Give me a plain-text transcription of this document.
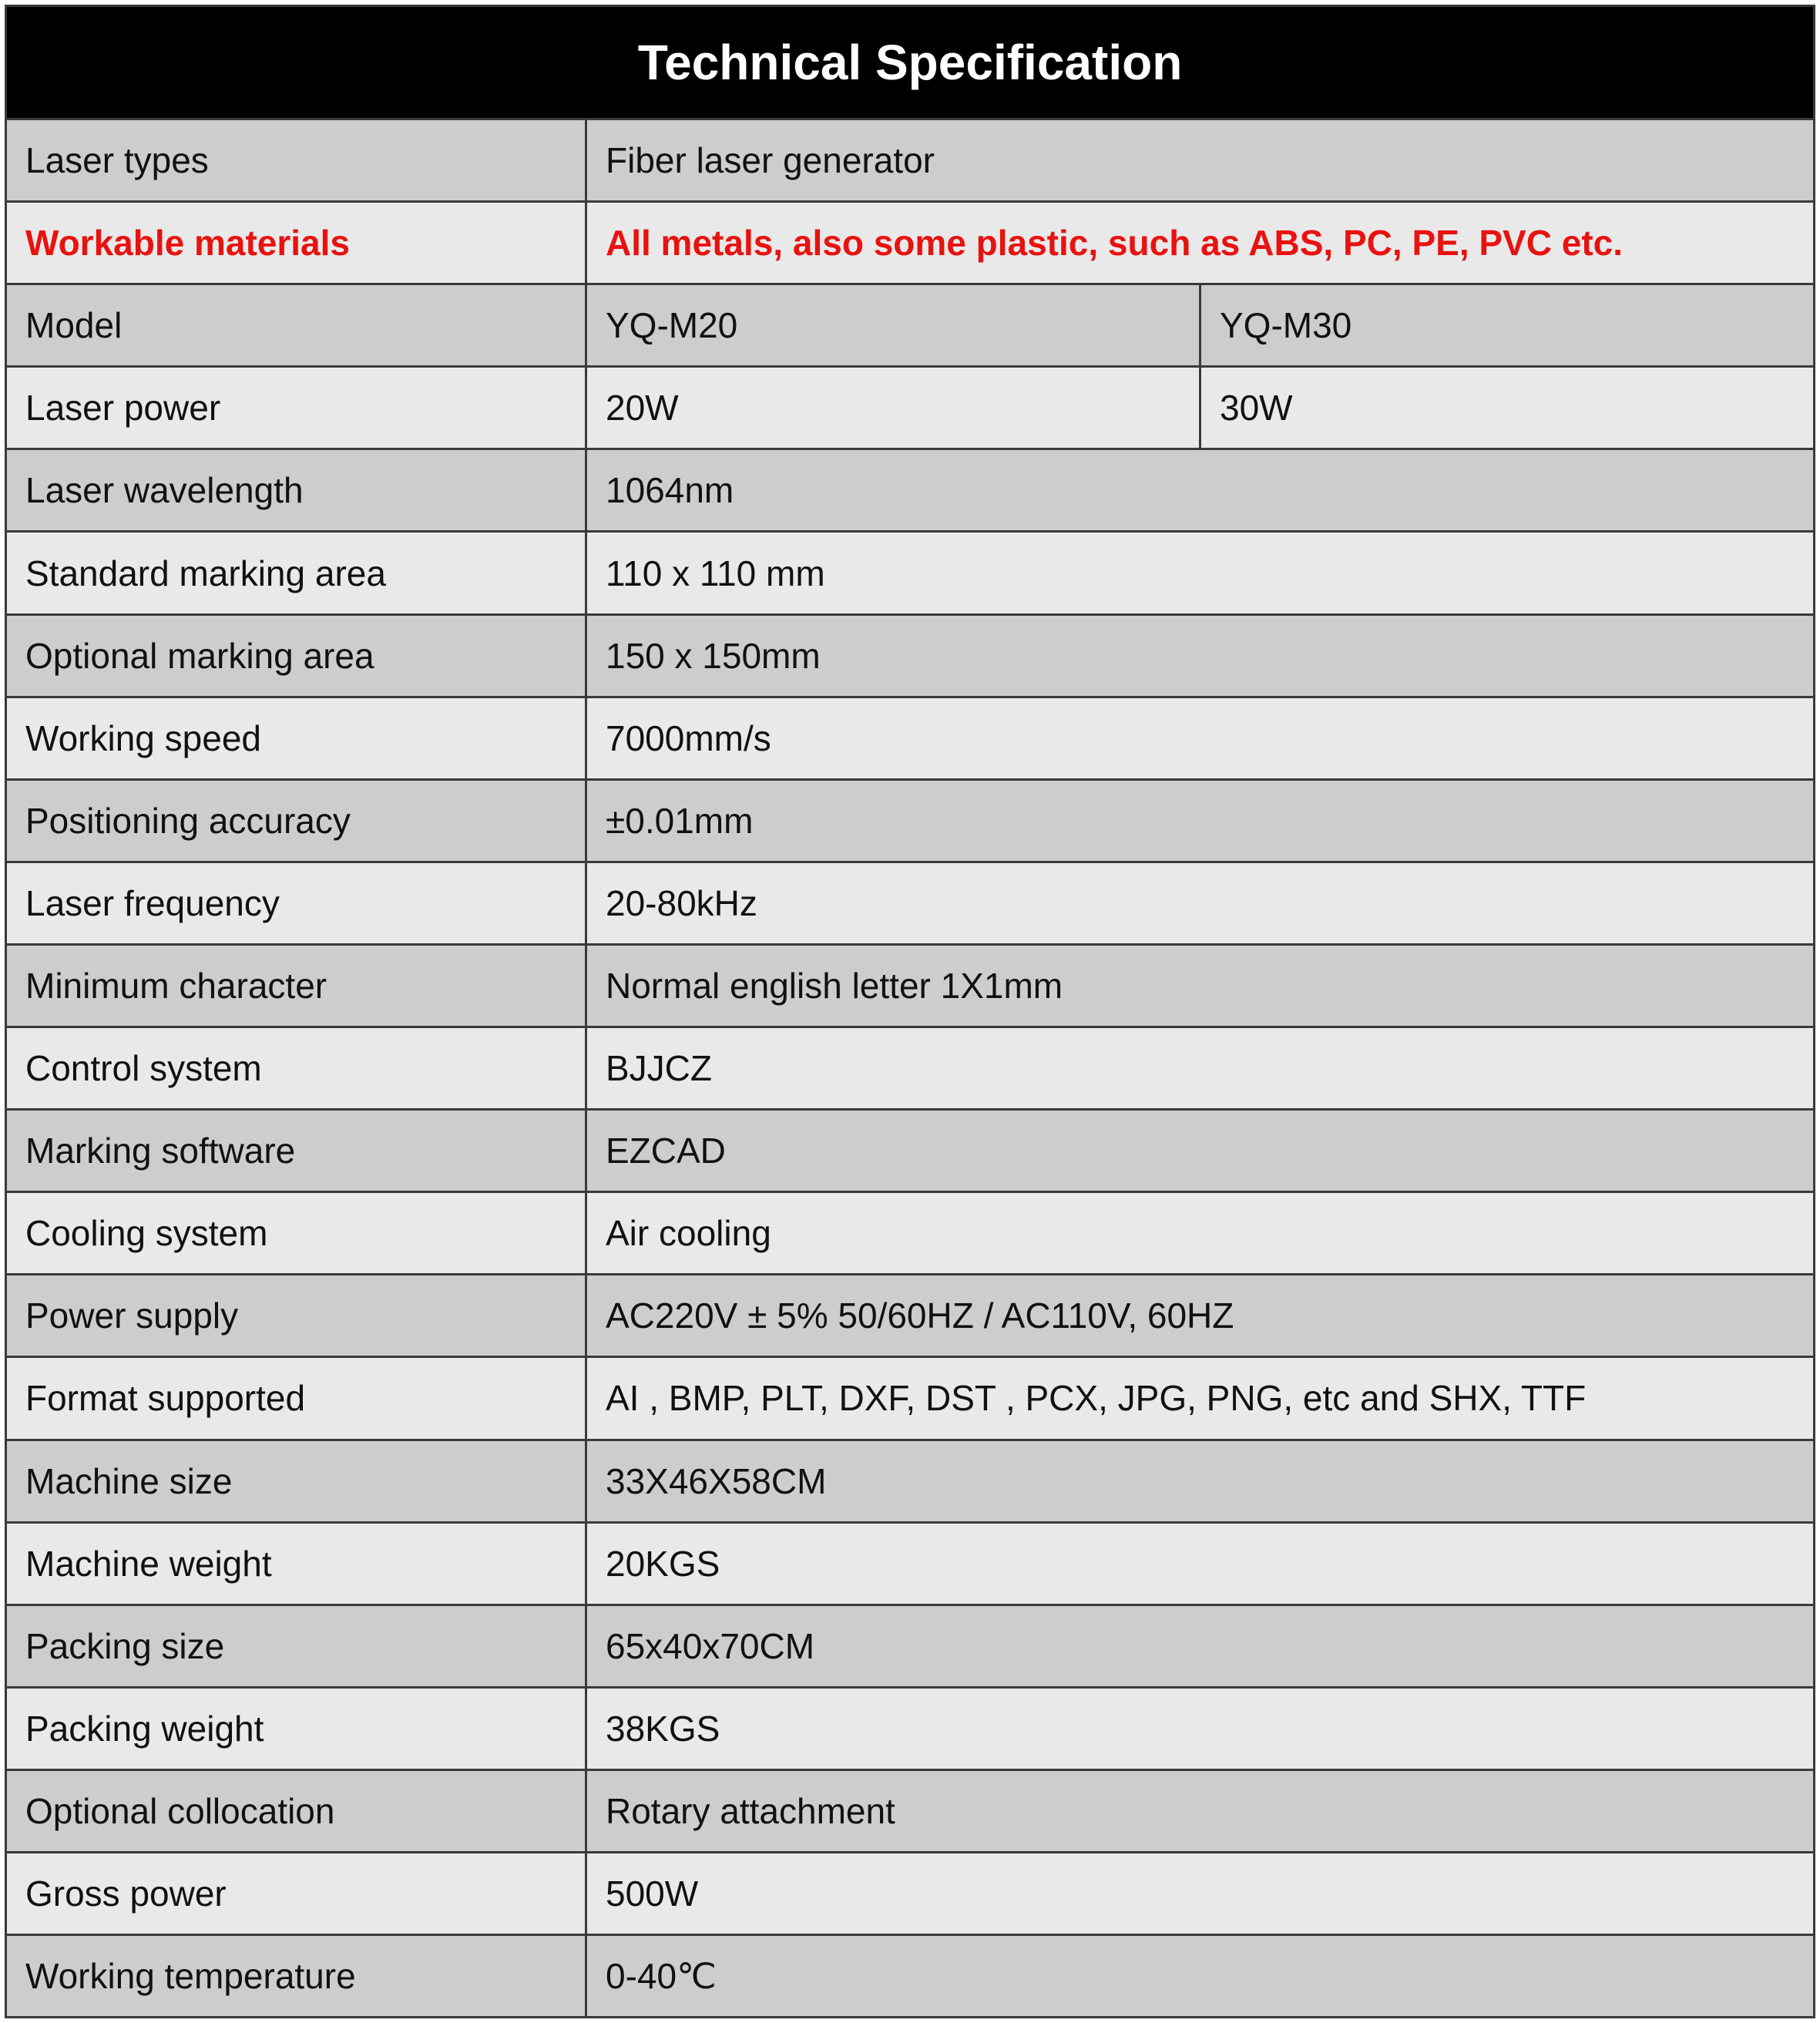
Technical Specification
Laser types	Fiber laser generator
Workable materials	All metals, also some plastic, such as ABS, PC, PE, PVC etc.
Model	YQ-M20	YQ-M30
Laser power	20W	30W
Laser wavelength	1064nm
Standard marking area	110 x 110 mm
Optional marking area	150 x 150mm
Working speed	7000mm/s
Positioning accuracy	±0.01mm
Laser frequency	20-80kHz
Minimum character	Normal english letter 1X1mm
Control system	BJJCZ
Marking software	EZCAD
Cooling system	Air cooling
Power supply	AC220V ± 5% 50/60HZ / AC110V, 60HZ
Format supported	AI , BMP, PLT, DXF, DST , PCX, JPG, PNG, etc and SHX, TTF
Machine size	33X46X58CM
Machine weight	20KGS
Packing size	65x40x70CM
Packing weight	38KGS
Optional collocation	Rotary attachment
Gross power	500W
Working temperature	0-40℃
